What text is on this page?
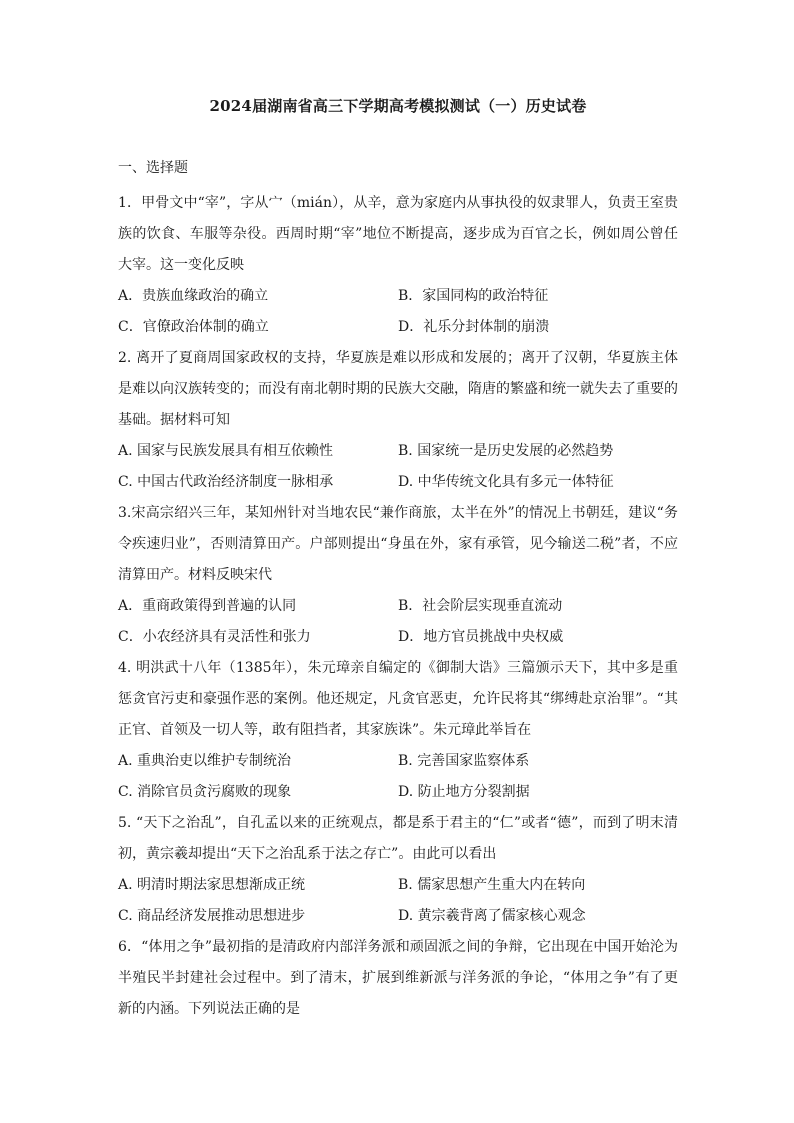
2024届湖南省高三下学期高考模拟测试（一）历史试卷
一、选择题

1．甲骨文中“宰”，字从宀（mián），从辛，意为家庭内从事执役的奴隶罪人，负责王室贵族的饮食、车服等杂役。西周时期“宰”地位不断提高，逐步成为百官之长，例如周公曾任大宰。这一变化反映

A．贵族血缘政治的确立	B．家国同构的政治特征
C．官僚政治体制的确立	D．礼乐分封体制的崩溃

2. 离开了夏商周国家政权的支持，华夏族是难以形成和发展的；离开了汉朝，华夏族主体是难以向汉族转变的；而没有南北朝时期的民族大交融，隋唐的繁盛和统一就失去了重要的基础。据材料可知

A. 国家与民族发展具有相互依赖性	B. 国家统一是历史发展的必然趋势
C. 中国古代政治经济制度一脉相承	D. 中华传统文化具有多元一体特征

3.宋高宗绍兴三年，某知州针对当地农民“兼作商旅，太半在外”的情况上书朝廷，建议“务令疾速归业”，否则清算田产。户部则提出“身虽在外，家有承管，见今输送二税”者，不应清算田产。材料反映宋代

A．重商政策得到普遍的认同	B．社会阶层实现垂直流动
C．小农经济具有灵活性和张力	D．地方官员挑战中央权威

4. 明洪武十八年（1385年），朱元璋亲自编定的《御制大诰》三篇颁示天下，其中多是重惩贪官污吏和豪强作恶的案例。他还规定，凡贪官恶吏，允许民将其“绑缚赴京治罪”。“其正官、首领及一切人等，敢有阻挡者，其家族诛”。朱元璋此举旨在

A. 重典治吏以维护专制统治	B. 完善国家监察体系
C. 消除官员贪污腐败的现象	D. 防止地方分裂割据

5. “天下之治乱”，自孔孟以来的正统观点，都是系于君主的“仁”或者“德”，而到了明末清初，黄宗羲却提出“天下之治乱系于法之存亡”。由此可以看出

A. 明清时期法家思想渐成正统	B. 儒家思想产生重大内在转向
C. 商品经济发展推动思想进步	D. 黄宗羲背离了儒家核心观念

6．“体用之争”最初指的是清政府内部洋务派和顽固派之间的争辩，它出现在中国开始沦为半殖民半封建社会过程中。到了清末，扩展到维新派与洋务派的争论，“体用之争”有了更新的内涵。下列说法正确的是
